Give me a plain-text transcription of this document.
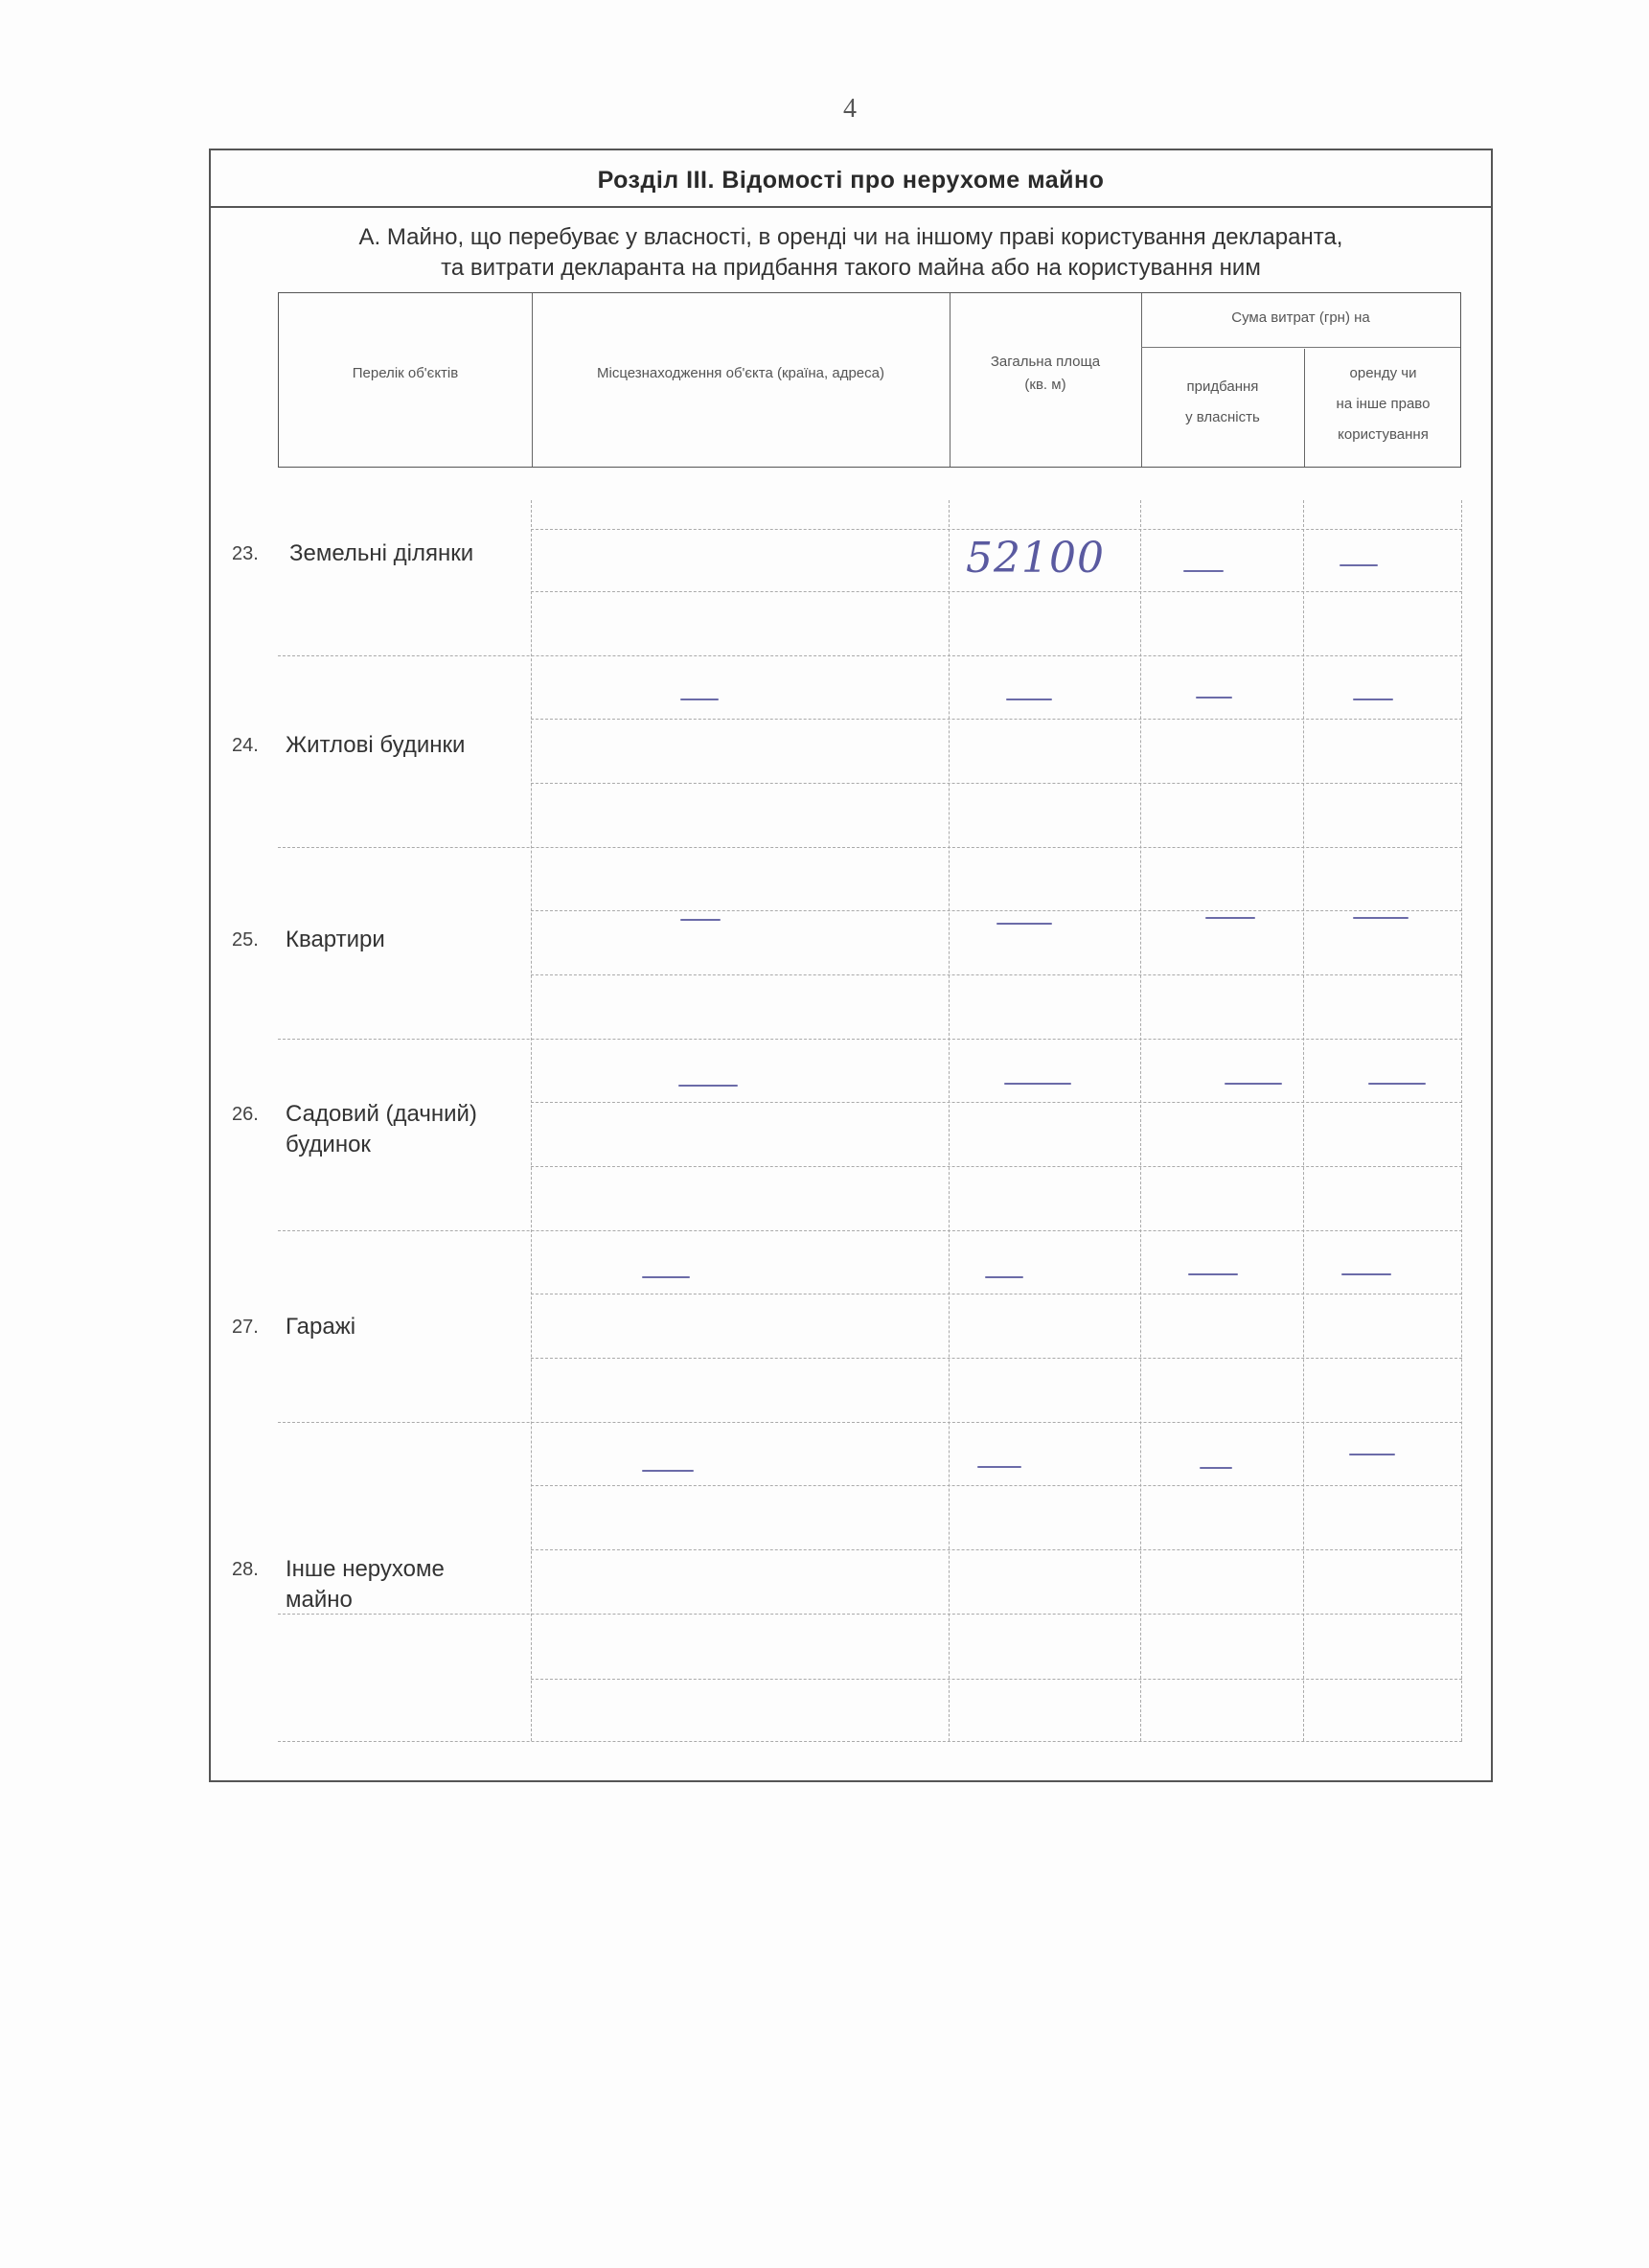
4
Розділ III. Відомості про нерухоме майно
А. Майно, що перебуває у власності, в оренді чи на іншому праві користування декларанта,
та витрати декларанта на придбання такого майна або на користування ним
Перелік об'єктів	Місцезнаходження об'єкта (країна, адреса)
Загальна площа
(кв. м)
Сума витрат (грн) на
придбання
у власність
оренду чи
на інше право
користування
23. Земельні ділянки	52100
24. Житлові будинки
25. Квартири
26. Садовий (дачний)
будинок
27. Гаражі
28. Інше нерухоме
майно
